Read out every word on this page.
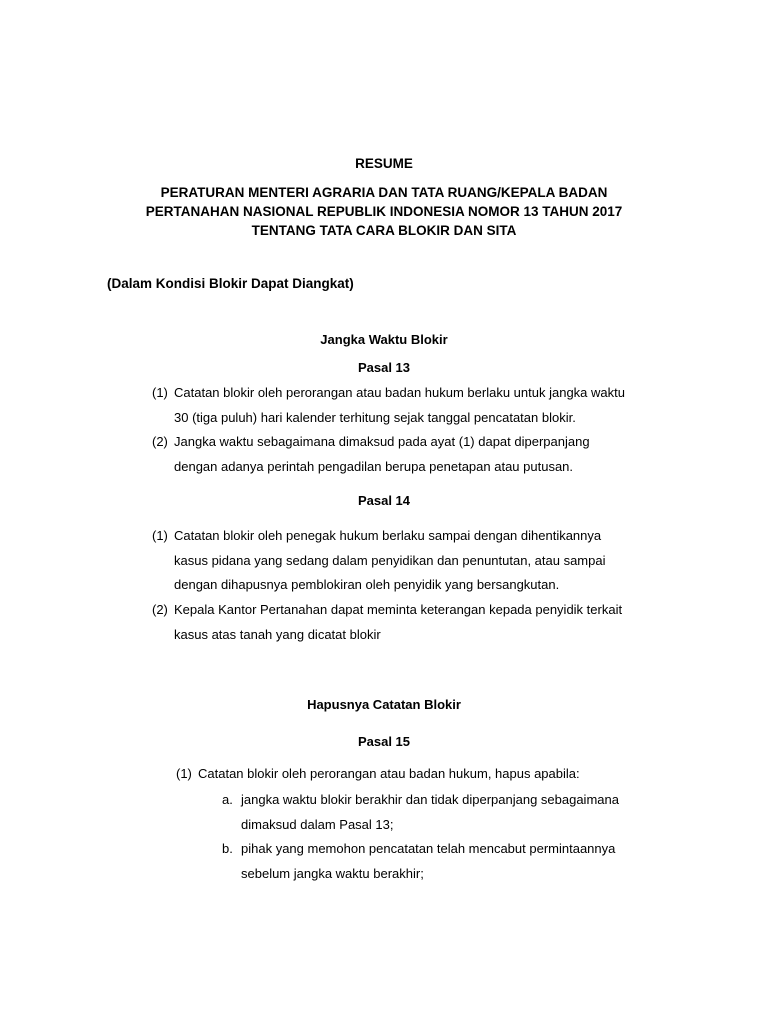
RESUME
PERATURAN MENTERI AGRARIA DAN TATA RUANG/KEPALA BADAN
PERTANAHAN NASIONAL REPUBLIK INDONESIA NOMOR 13 TAHUN 2017
TENTANG TATA CARA BLOKIR DAN SITA
(Dalam Kondisi Blokir Dapat Diangkat)
Jangka Waktu Blokir
Pasal 13
(1) Catatan blokir oleh perorangan atau badan hukum berlaku untuk jangka waktu
30 (tiga puluh) hari kalender terhitung sejak tanggal pencatatan blokir.
(2) Jangka waktu sebagaimana dimaksud pada ayat (1) dapat diperpanjang
dengan adanya perintah pengadilan berupa penetapan atau putusan.
Pasal 14
(1) Catatan blokir oleh penegak hukum berlaku sampai dengan dihentikannya
kasus pidana yang sedang dalam penyidikan dan penuntutan, atau sampai
dengan dihapusnya pemblokiran oleh penyidik yang bersangkutan.
(2) Kepala Kantor Pertanahan dapat meminta keterangan kepada penyidik terkait
kasus atas tanah yang dicatat blokir
Hapusnya Catatan Blokir
Pasal 15
(1) Catatan blokir oleh perorangan atau badan hukum, hapus apabila:
a. jangka waktu blokir berakhir dan tidak diperpanjang sebagaimana
dimaksud dalam Pasal 13;
b. pihak yang memohon pencatatan telah mencabut permintaannya
sebelum jangka waktu berakhir;
